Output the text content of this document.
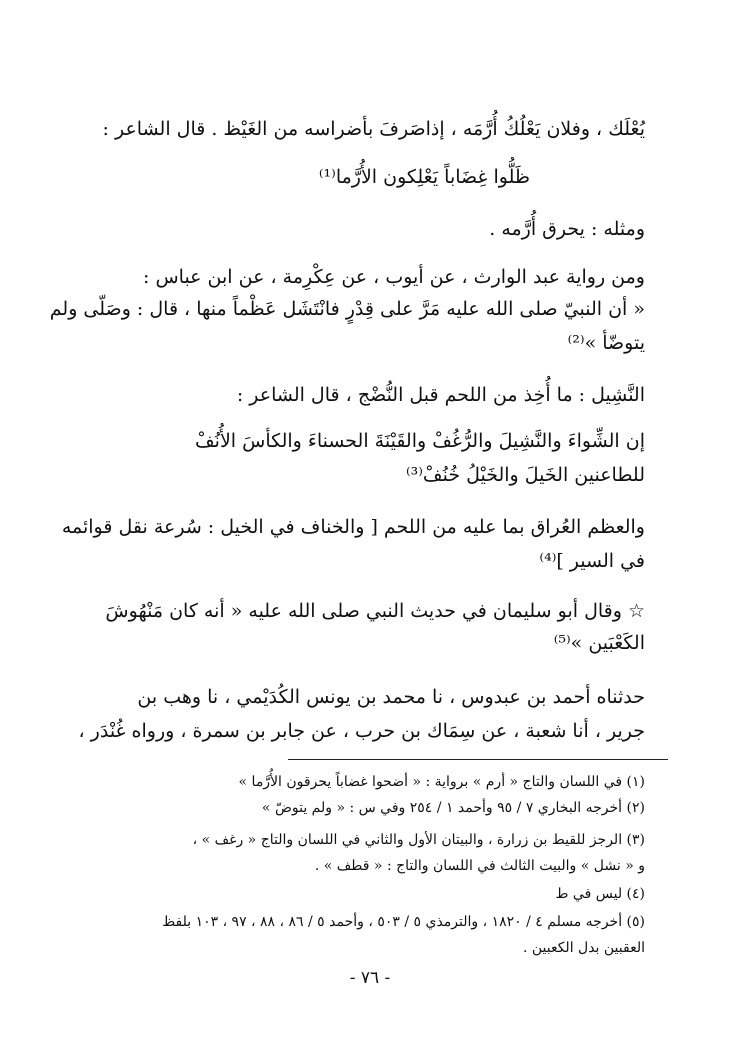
يُعْلَك ، وفلان يَعْلُكُ أُرَّمَه ، إذاصَرفَ بأضراسه من الغَيْظ . قال الشاعر :
ظَلُّوا غِضَاباً يَعْلِكون الأُرَّما⁽¹⁾
ومثله : يحرق أُرَّمه .
ومن رواية عبد الوارث ، عن أيوب ، عن عِكْرِمة ، عن ابن عباس :
« أن النبيّ صلى الله عليه مَرَّ على قِدْرٍ فانْتَشَل عَظْماً منها ، قال : وصَلّى ولم
يتوضّأ »⁽²⁾
النَّشِيل : ما أُخِذ من اللحم قبل النُّضْج ، قال الشاعر :
إن الشِّواءَ والنَّشِيلَ والرُّغُفْ والقَيْنَةَ الحسناءَ والكأسَ الأُنُفْ
للطاعنين الخَيلَ والخَيْلُ خُنُفْ⁽³⁾
والعظم العُراق بما عليه من اللحم [ والخناف في الخيل : سُرعة نقل قوائمه
في السير ]⁽⁴⁾
☆ وقال أبو سليمان في حديث النبي صلى الله عليه « أنه كان مَنْهُوشَ
الكَعْبَين »⁽⁵⁾
حدثناه أحمد بن عبدوس ، نا محمد بن يونس الكُدَيْمي ، نا وهب بن
جرير ، أنا شعبة ، عن سِمَاك بن حرب ، عن جابر بن سمرة ، ورواه غُنْدَر ،
(١) في اللسان والتاج « أرم » برواية : « أضحوا غضاباً يحرقون الأُرَّما »
(٢) أخرجه البخاري ٧ / ٩٥ وأحمد ١ / ٢٥٤ وفي س : « ولم يتوضّ »
(٣) الرجز للقيط بن زرارة ، والبيتان الأول والثاني في اللسان والتاج « رغف » ،
و « نشل » والبيت الثالث في اللسان والتاج : « قطف » .
(٤) ليس في ط
(٥) أخرجه مسلم ٤ / ١٨٢٠ ، والترمذي ٥ / ٥٠٣ ، وأحمد ٥ / ٨٦ ، ٨٨ ، ٩٧ ، ١٠٣ بلفظ
العقبين بدل الكعبين .
- ٧٦ -
